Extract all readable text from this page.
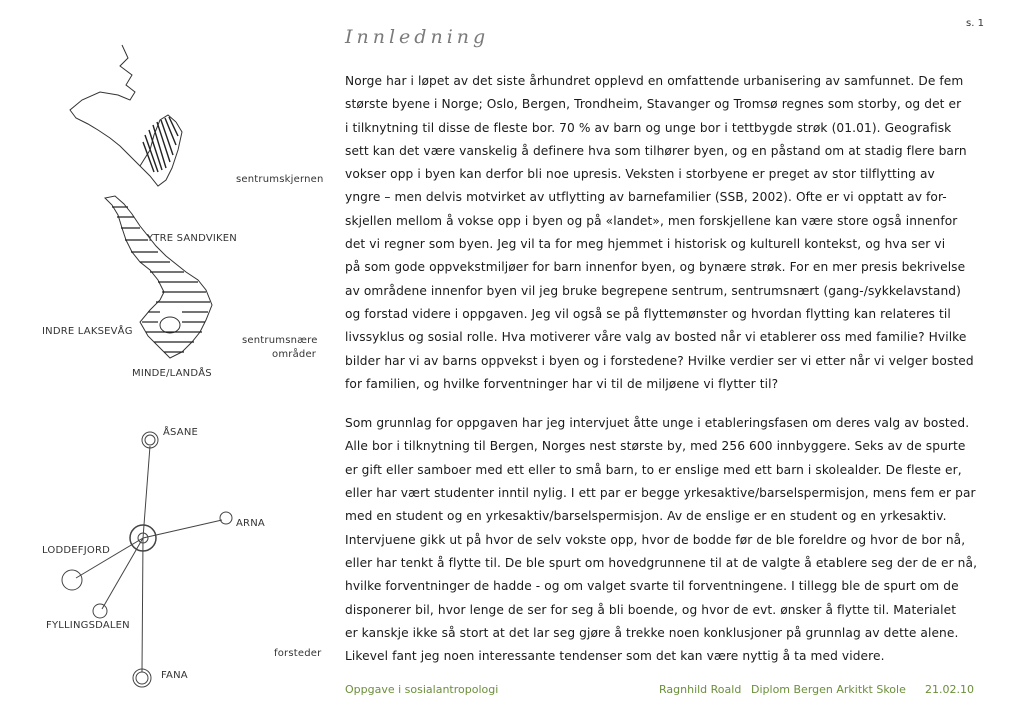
s. 1
Innledning
sentrumskjernen
YTRE SANDVIKEN
INDRE LAKSEVÅG
sentrumsnære
områder
MINDE/LANDÅS
ÅSANE
ARNA
LODDEFJORD
FYLLINGSDALEN
forsteder
FANA
Norge har i løpet av det siste århundret opplevd en omfattende urbanisering av samfunnet. De fem
største byene i Norge; Oslo, Bergen, Trondheim, Stavanger og Tromsø regnes som storby, og det er
i tilknytning til disse de fleste bor. 70 % av barn og unge bor i tettbygde strøk (01.01). Geografisk
sett kan det være vanskelig å definere hva som tilhører byen, og en påstand om at stadig flere barn
vokser opp i byen kan derfor bli noe upresis. Veksten i storbyene er preget av stor tilflytting av
yngre – men delvis motvirket av utflytting av barnefamilier (SSB, 2002). Ofte er vi opptatt av for-
skjellen mellom å vokse opp i byen og på «landet», men forskjellene kan være store også innenfor
det vi regner som byen. Jeg vil ta for meg hjemmet i historisk og kulturell kontekst, og hva ser vi
på som gode oppvekstmiljøer for barn innenfor byen, og bynære strøk. For en mer presis bekrivelse
av områdene innenfor byen vil jeg bruke begrepene sentrum, sentrumsnært (gang-/sykkelavstand)
og forstad videre i oppgaven. Jeg vil også se på flyttemønster og hvordan flytting kan relateres til
livssyklus og sosial rolle. Hva motiverer våre valg av bosted når vi etablerer oss med familie? Hvilke
bilder har vi av barns oppvekst i byen og i forstedene? Hvilke verdier ser vi etter når vi velger bosted
for familien, og hvilke forventninger har vi til de miljøene vi flytter til?
Som grunnlag for oppgaven har jeg intervjuet åtte unge i etableringsfasen om deres valg av bosted.
Alle bor i tilknytning til Bergen, Norges nest største by, med 256 600 innbyggere. Seks av de spurte
er gift eller samboer med ett eller to små barn, to er enslige med ett barn i skolealder. De fleste er,
eller har vært studenter inntil nylig. I ett par er begge yrkesaktive/barselspermisjon, mens fem er par
med en student og en yrkesaktiv/barselspermisjon. Av de enslige er en student og en yrkesaktiv.
Intervjuene gikk ut på hvor de selv vokste opp, hvor de bodde før de ble foreldre og hvor de bor nå,
eller har tenkt å flytte til. De ble spurt om hovedgrunnene til at de valgte å etablere seg der de er nå,
hvilke forventninger de hadde - og om valget svarte til forventningene. I tillegg ble de spurt om de
disponerer bil, hvor lenge de ser for seg å bli boende, og hvor de evt. ønsker å flytte til. Materialet
er kanskje ikke så stort at det lar seg gjøre å trekke noen konklusjoner på grunnlag av dette alene.
Likevel fant jeg noen interessante tendenser som det kan være nyttig å ta med videre.
Oppgave i sosialantropologi	Ragnhild Roald Diplom Bergen Arkitkt Skole 21.02.10
